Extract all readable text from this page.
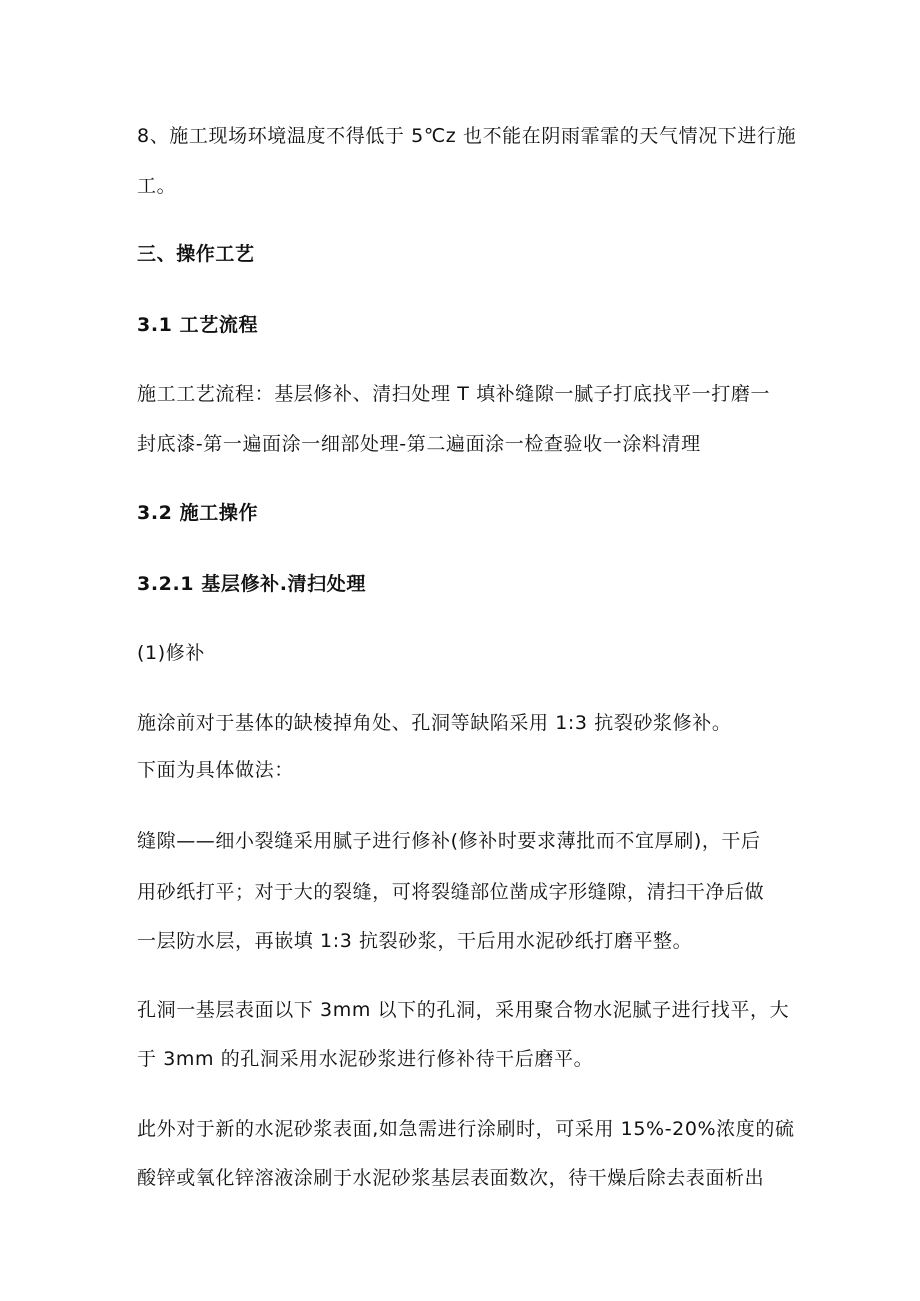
8、施工现场环境温度不得低于 5℃z 也不能在阴雨霏霏的天气情况下进行施
工。
三、操作工艺
3.1 工艺流程
施工工艺流程：基层修补、清扫处理 T 填补缝隙一腻子打底找平一打磨一
封底漆-第一遍面涂一细部处理-第二遍面涂一检查验收一涂料清理
3.2 施工操作
3.2.1 基层修补.清扫处理
(1)修补
施涂前对于基体的缺棱掉角处、孔洞等缺陷采用 1:3 抗裂砂浆修补。
下面为具体做法：
缝隙——细小裂缝采用腻子进行修补(修补时要求薄批而不宜厚刷)，干后
用砂纸打平；对于大的裂缝，可将裂缝部位凿成字形缝隙，清扫干净后做
一层防水层，再嵌填 1:3 抗裂砂浆，干后用水泥砂纸打磨平整。
孔洞一基层表面以下 3mm 以下的孔洞，采用聚合物水泥腻子进行找平，大
于 3mm 的孔洞采用水泥砂浆进行修补待干后磨平。
此外对于新的水泥砂浆表面,如急需进行涂刷时，可采用 15%-20%浓度的硫
酸锌或氧化锌溶液涂刷于水泥砂浆基层表面数次，待干燥后除去表面析出
